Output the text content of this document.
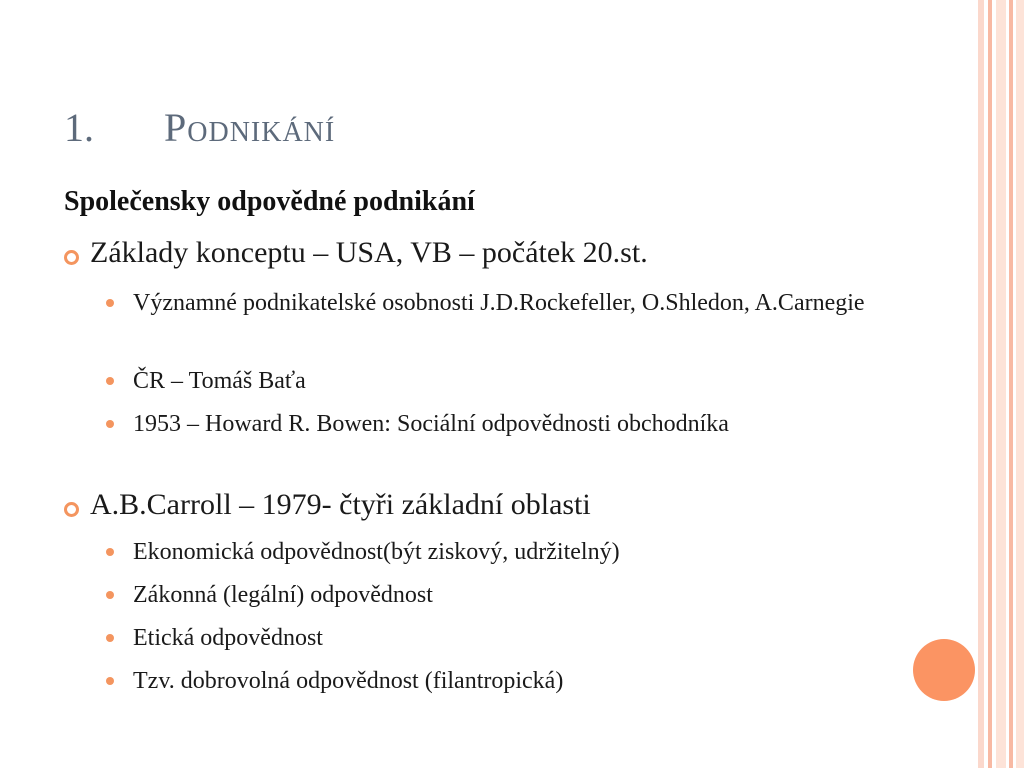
1.	Podnikání
Společensky odpovědné podnikání
Základy konceptu – USA, VB – počátek 20.st.
Významné podnikatelské osobnosti J.D.Rockefeller, O.Shledon, A.Carnegie
ČR – Tomáš Baťa
1953 – Howard R. Bowen: Sociální odpovědnosti obchodníka
A.B.Carroll – 1979- čtyři základní oblasti
Ekonomická odpovědnost(být ziskový, udržitelný)
Zákonná (legální) odpovědnost
Etická odpovědnost
Tzv. dobrovolná odpovědnost (filantropická)
